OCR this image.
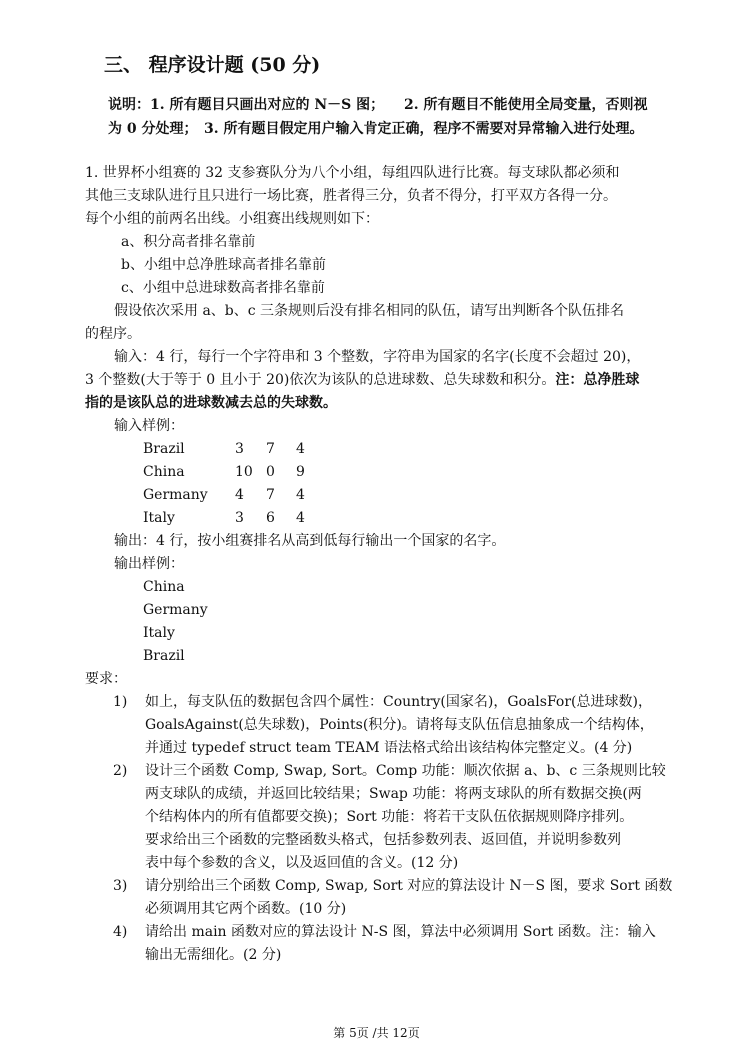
三、 程序设计题 (50 分)
说明：1. 所有题目只画出对应的 N－S 图； 2. 所有题目不能使用全局变量，否则视
为 0 分处理； 3. 所有题目假定用户输入肯定正确，程序不需要对异常输入进行处理。
1. 世界杯小组赛的 32 支参赛队分为八个小组，每组四队进行比赛。每支球队都必须和
其他三支球队进行且只进行一场比赛，胜者得三分，负者不得分，打平双方各得一分。
每个小组的前两名出线。小组赛出线规则如下：
a、积分高者排名靠前
b、小组中总净胜球高者排名靠前
c、小组中总进球数高者排名靠前
假设依次采用 a、b、c 三条规则后没有排名相同的队伍，请写出判断各个队伍排名
的程序。
输入：4 行，每行一个字符串和 3 个整数，字符串为国家的名字(长度不会超过 20)，
3 个整数(大于等于 0 且小于 20)依次为该队的总进球数、总失球数和积分。注：总净胜球
指的是该队总的进球数减去总的失球数。
输入样例：
Brazil	3 7 4
China	10 0 9
Germany 4 7 4
Italy	3 6 4
输出：4 行，按小组赛排名从高到低每行输出一个国家的名字。
输出样例：
China
Germany
Italy
Brazil
要求：
1) 如上，每支队伍的数据包含四个属性：Country(国家名)，GoalsFor(总进球数)，
GoalsAgainst(总失球数)，Points(积分)。请将每支队伍信息抽象成一个结构体，
并通过 typedef struct team TEAM 语法格式给出该结构体完整定义。(4 分)
2) 设计三个函数 Comp, Swap, Sort。Comp 功能：顺次依据 a、b、c 三条规则比较
两支球队的成绩，并返回比较结果；Swap 功能：将两支球队的所有数据交换(两
个结构体内的所有值都要交换)；Sort 功能：将若干支队伍依据规则降序排列。
要求给出三个函数的完整函数头格式，包括参数列表、返回值，并说明参数列
表中每个参数的含义，以及返回值的含义。(12 分)
3) 请分别给出三个函数 Comp, Swap, Sort 对应的算法设计 N－S 图，要求 Sort 函数
必须调用其它两个函数。(10 分)
4) 请给出 main 函数对应的算法设计 N-S 图，算法中必须调用 Sort 函数。注：输入
输出无需细化。(2 分)
第 5页 /共 12页
